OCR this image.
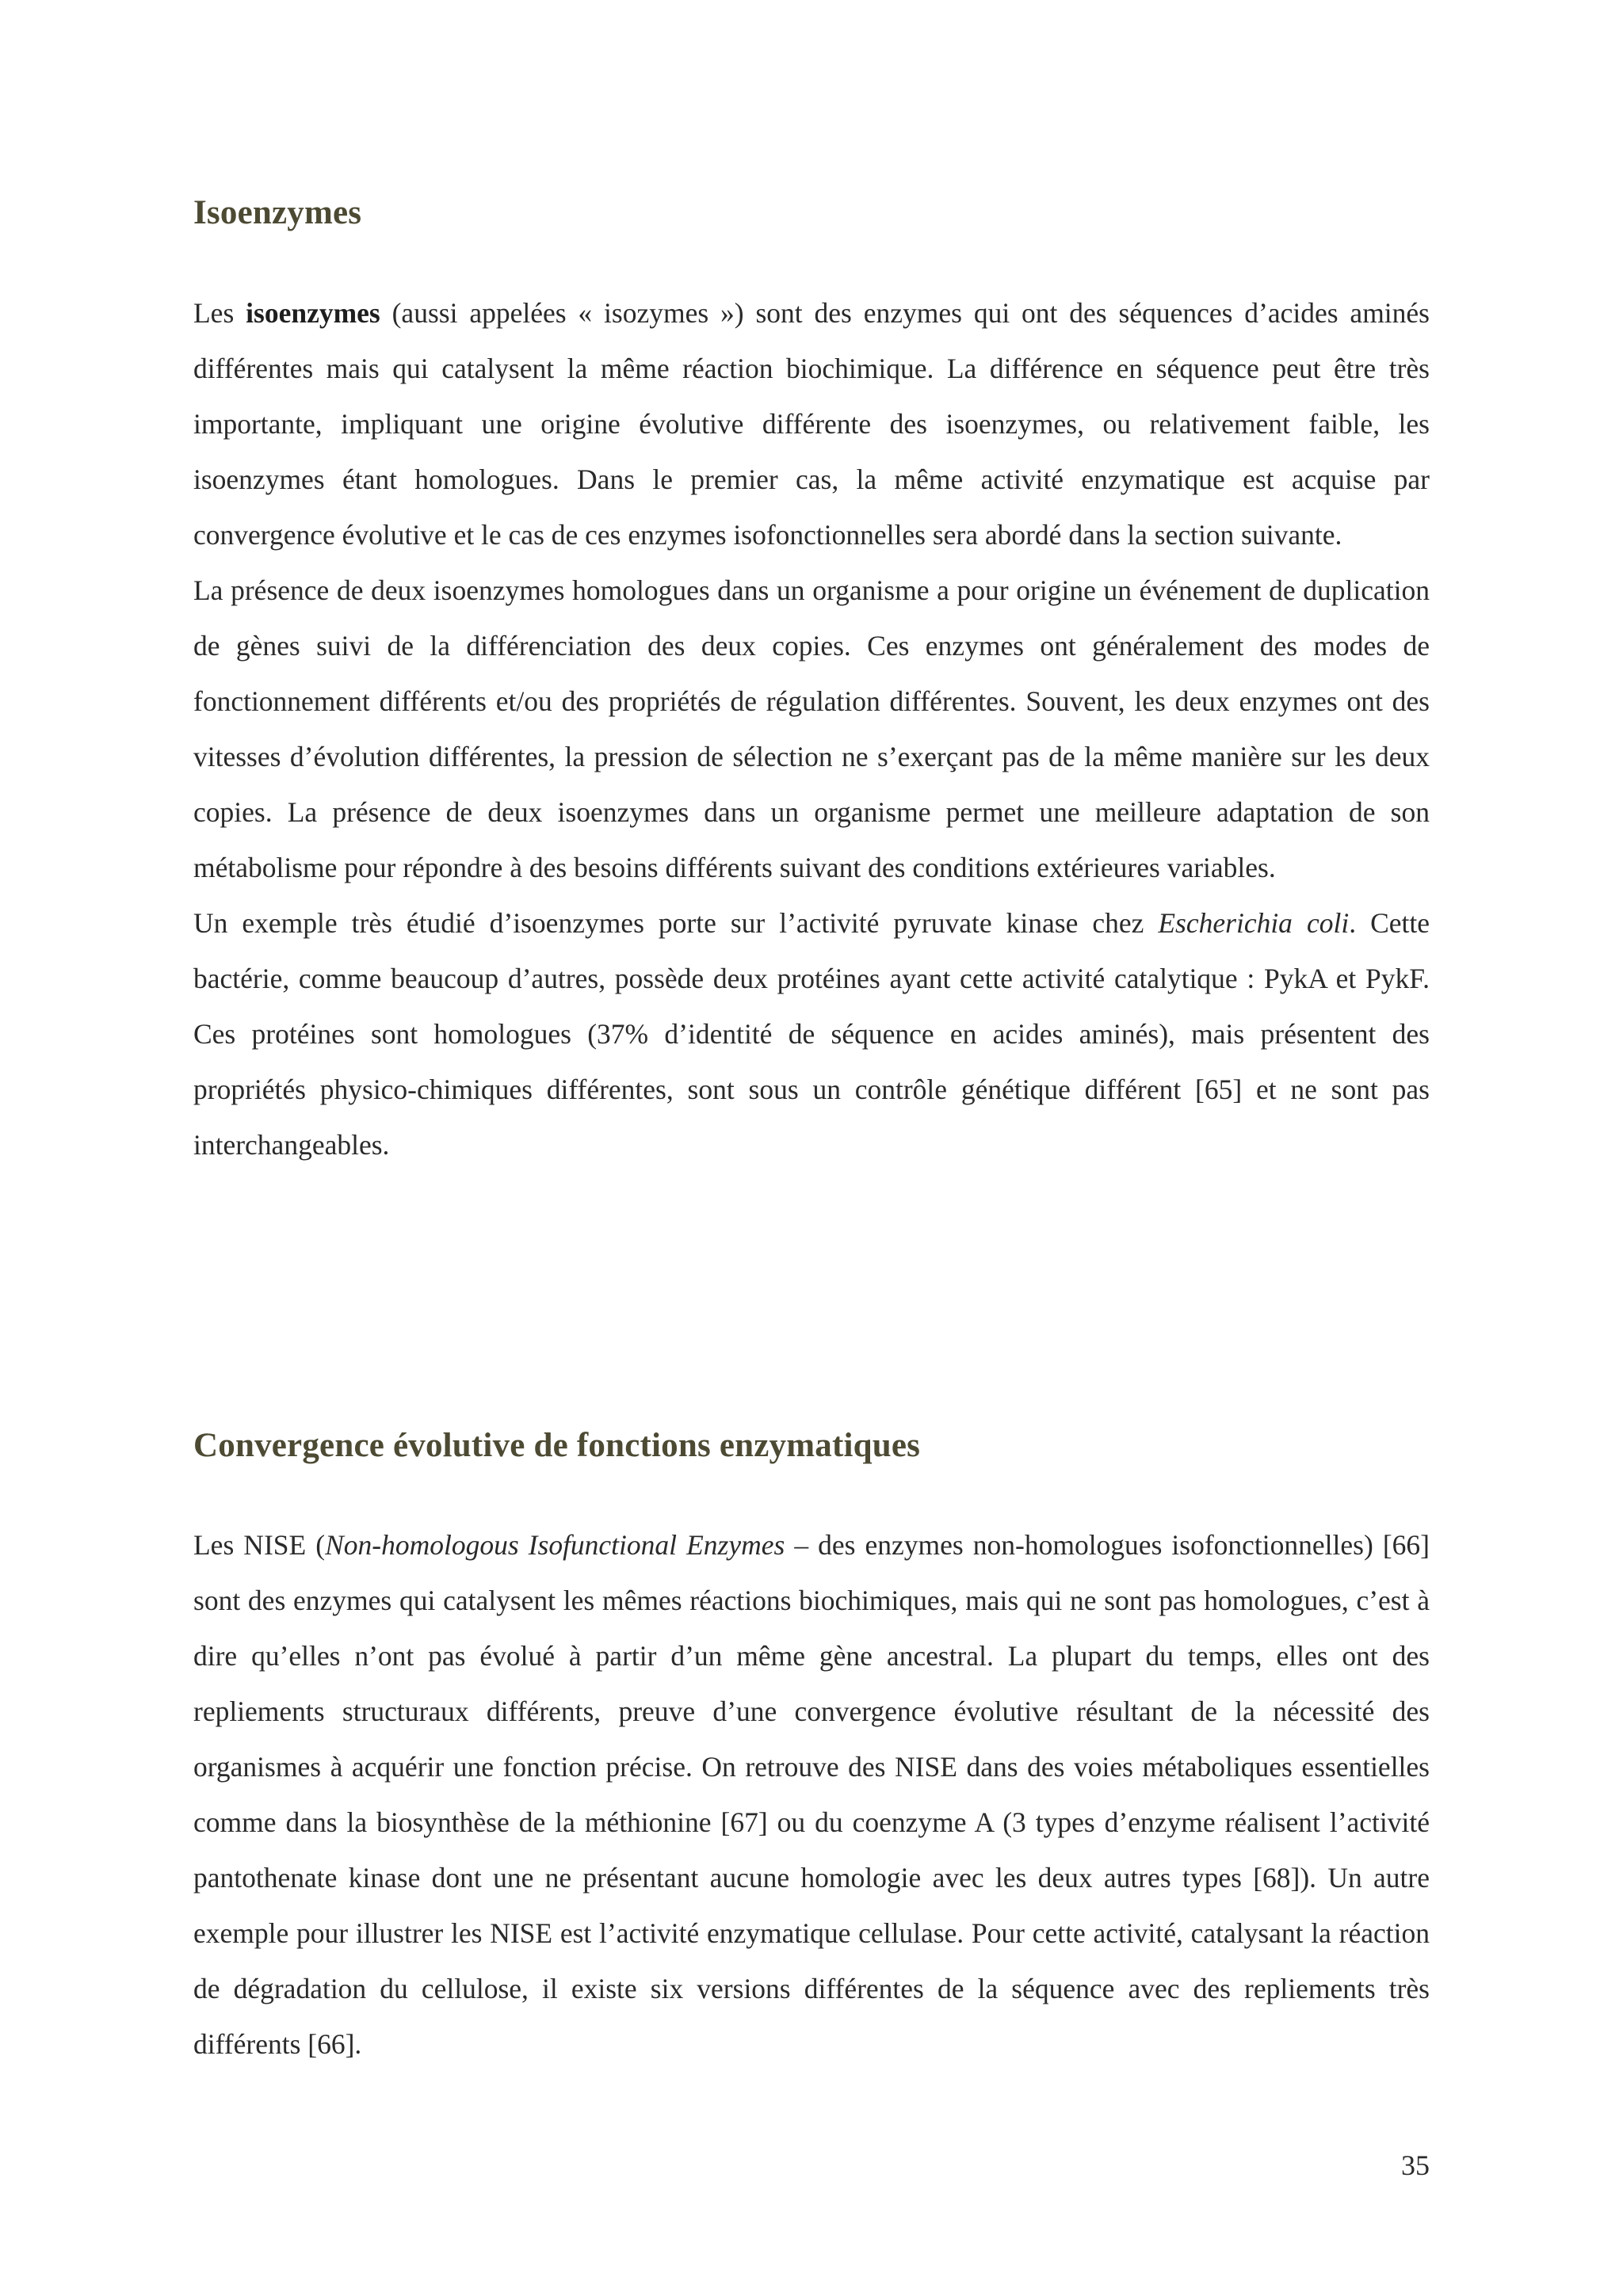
Isoenzymes

Les isoenzymes (aussi appelées « isozymes ») sont des enzymes qui ont des séquences d’acides aminés différentes mais qui catalysent la même réaction biochimique. La différence en séquence peut être très importante, impliquant une origine évolutive différente des isoenzymes, ou relativement faible, les isoenzymes étant homologues. Dans le premier cas, la même activité enzymatique est acquise par convergence évolutive et le cas de ces enzymes isofonctionnelles sera abordé dans la section suivante.

La présence de deux isoenzymes homologues dans un organisme a pour origine un événement de duplication de gènes suivi de la différenciation des deux copies. Ces enzymes ont généralement des modes de fonctionnement différents et/ou des propriétés de régulation différentes. Souvent, les deux enzymes ont des vitesses d’évolution différentes, la pression de sélection ne s’exerçant pas de la même manière sur les deux copies. La présence de deux isoenzymes dans un organisme permet une meilleure adaptation de son métabolisme pour répondre à des besoins différents suivant des conditions extérieures variables.

Un exemple très étudié d’isoenzymes porte sur l’activité pyruvate kinase chez Escherichia coli. Cette bactérie, comme beaucoup d’autres, possède deux protéines ayant cette activité catalytique : PykA et PykF. Ces protéines sont homologues (37% d’identité de séquence en acides aminés), mais présentent des propriétés physico-chimiques différentes, sont sous un contrôle génétique différent [65] et ne sont pas interchangeables.

Convergence évolutive de fonctions enzymatiques

Les NISE (Non-homologous Isofunctional Enzymes – des enzymes non-homologues isofonctionnelles) [66] sont des enzymes qui catalysent les mêmes réactions biochimiques, mais qui ne sont pas homologues, c’est à dire qu’elles n’ont pas évolué à partir d’un même gène ancestral. La plupart du temps, elles ont des repliements structuraux différents, preuve d’une convergence évolutive résultant de la nécessité des organismes à acquérir une fonction précise. On retrouve des NISE dans des voies métaboliques essentielles comme dans la biosynthèse de la méthionine [67] ou du coenzyme A (3 types d’enzyme réalisent l’activité pantothenate kinase dont une ne présentant aucune homologie avec les deux autres types [68]). Un autre exemple pour illustrer les NISE est l’activité enzymatique cellulase. Pour cette activité, catalysant la réaction de dégradation du cellulose, il existe six versions différentes de la séquence avec des repliements très différents [66].

35
